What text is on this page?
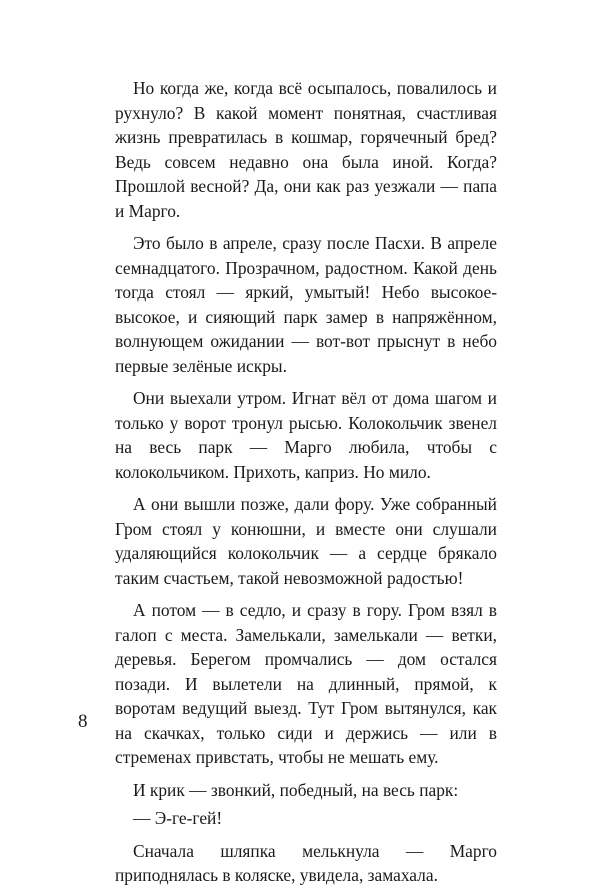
Но когда же, когда всё осыпалось, повалилось и рухнуло? В какой момент понятная, счастливая жизнь превратилась в кошмар, горячечный бред? Ведь совсем недавно она была иной. Когда? Прошлой весной? Да, они как раз уезжали — папа и Марго.

Это было в апреле, сразу после Пасхи. В апреле семнадцатого. Прозрачном, радостном. Какой день тогда стоял — яркий, умытый! Небо высокое-высокое, и сияющий парк замер в напряжённом, волнующем ожидании — вот-вот прыснут в небо первые зелёные искры.

Они выехали утром. Игнат вёл от дома шагом и только у ворот тронул рысью. Колокольчик звенел на весь парк — Марго любила, чтобы с колокольчиком. Прихоть, каприз. Но мило.

А они вышли позже, дали фору. Уже собранный Гром стоял у конюшни, и вместе они слушали удаляющийся колокольчик — а сердце брякало таким счастьем, такой невозможной радостью!

А потом — в седло, и сразу в гору. Гром взял в галоп с места. Замелькали, замелькали — ветки, деревья. Берегом промчались — дом остался позади. И вылетели на длинный, прямой, к воротам ведущий выезд. Тут Гром вытянулся, как на скачках, только сиди и держись — или в стременах привстать, чтобы не мешать ему.

И крик — звонкий, победный, на весь парк:

— Э-ге-гей!

Сначала шляпка мелькнула — Марго приподнялась в коляске, увидела, замахала.

8
